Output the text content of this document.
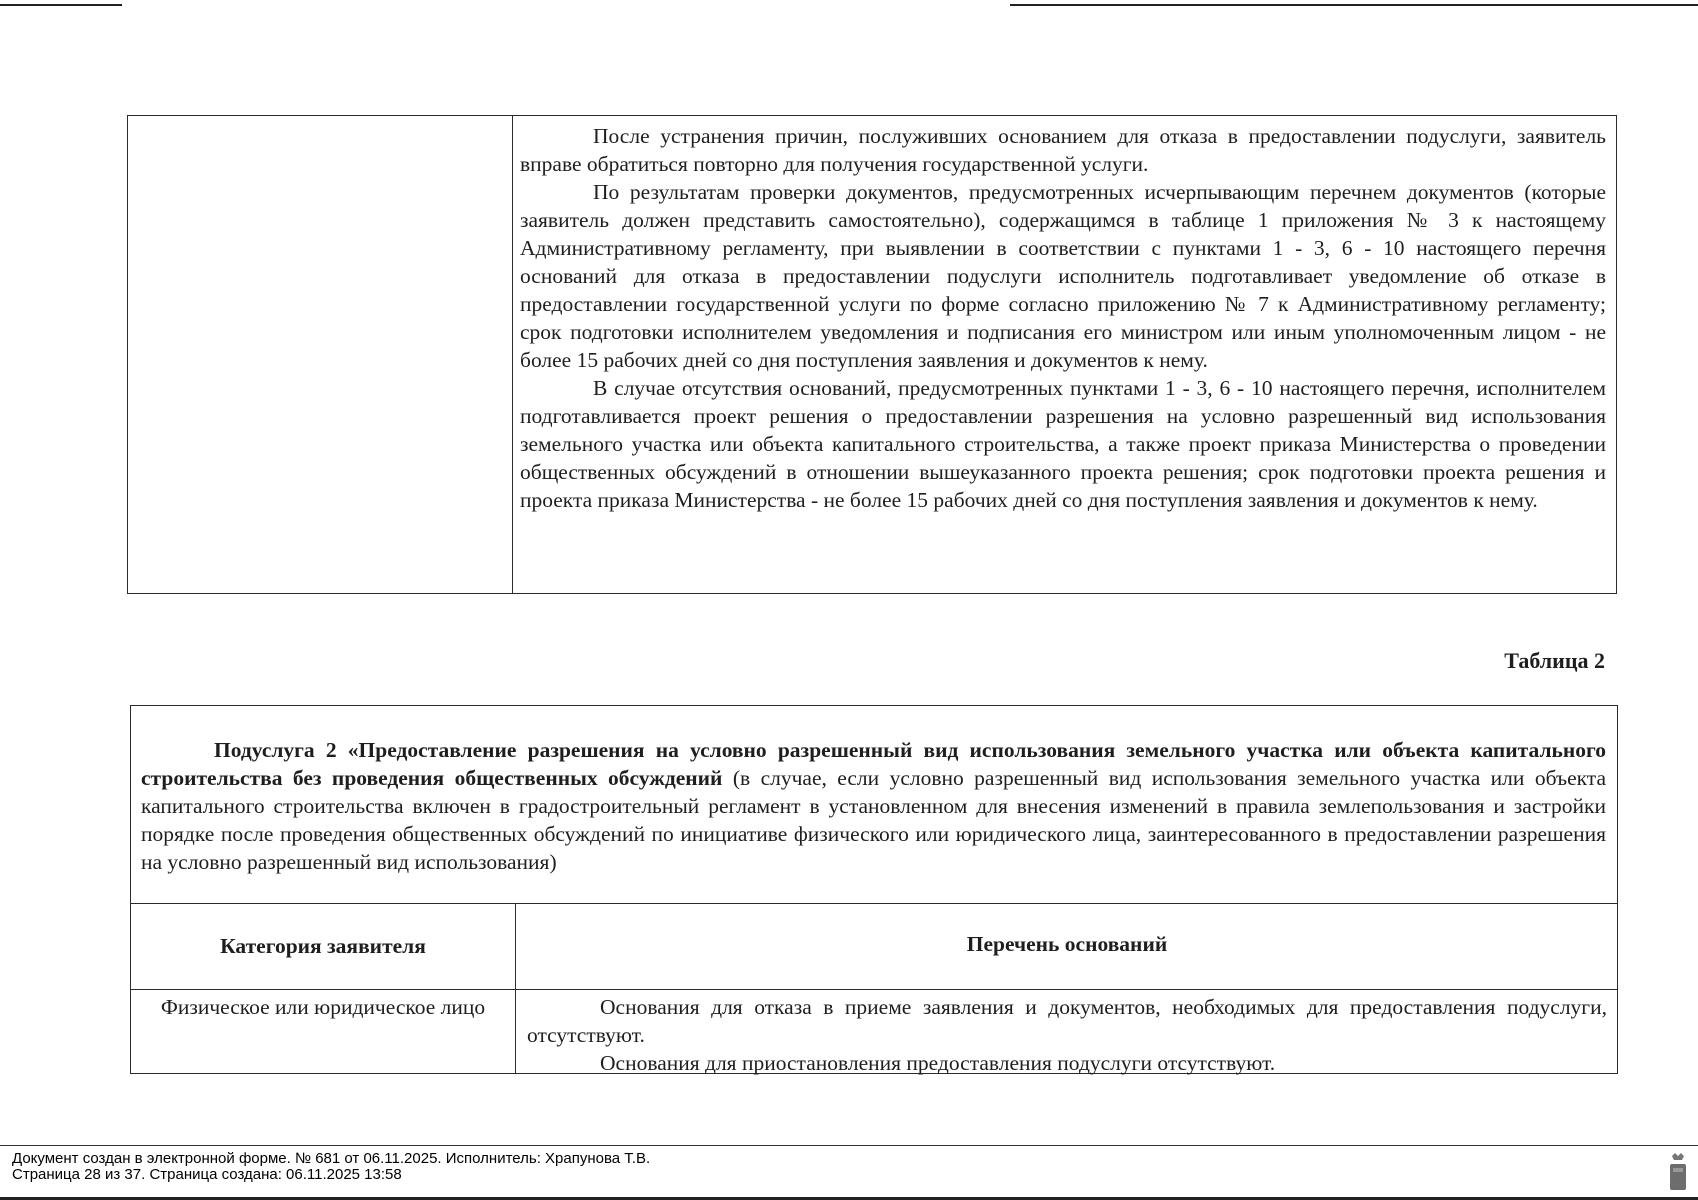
После устранения причин, послуживших основанием для отказа в предоставлении подуслуги, заявитель вправе обратиться повторно для получения государственной услуги.

По результатам проверки документов, предусмотренных исчерпывающим перечнем документов (которые заявитель должен представить самостоятельно), содержащимся в таблице 1 приложения № 3 к настоящему Административному регламенту, при выявлении в соответствии с пунктами 1 - 3, 6 - 10 настоящего перечня оснований для отказа в предоставлении подуслуги исполнитель подготавливает уведомление об отказе в предоставлении государственной услуги по форме согласно приложению № 7 к Административному регламенту; срок подготовки исполнителем уведомления и подписания его министром или иным уполномоченным лицом - не более 15 рабочих дней со дня поступления заявления и документов к нему.

В случае отсутствия оснований, предусмотренных пунктами 1 - 3, 6 - 10 настоящего перечня, исполнителем подготавливается проект решения о предоставлении разрешения на условно разрешенный вид использования земельного участка или объекта капитального строительства, а также проект приказа Министерства о проведении общественных обсуждений в отношении вышеуказанного проекта решения; срок подготовки проекта решения и проекта приказа Министерства - не более 15 рабочих дней со дня поступления заявления и документов к нему.

Таблица 2

Подуслуга 2 «Предоставление разрешения на условно разрешенный вид использования земельного участка или объекта капитального строительства без проведения общественных обсуждений (в случае, если условно разрешенный вид использования земельного участка или объекта капитального строительства включен в градостроительный регламент в установленном для внесения изменений в правила землепользования и застройки порядке после проведения общественных обсуждений по инициативе физического или юридического лица, заинтересованного в предоставлении разрешения на условно разрешенный вид использования)

Категория заявителя	Перечень оснований
Физическое или юридическое лицо	Основания для отказа в приеме заявления и документов, необходимых для предоставления подуслуги, отсутствуют.

Основания для приостановления предоставления подуслуги отсутствуют.

Документ создан в электронной форме. № 681 от 06.11.2025. Исполнитель: Храпунова Т.В.
Страница 28 из 37. Страница создана: 06.11.2025 13:58
